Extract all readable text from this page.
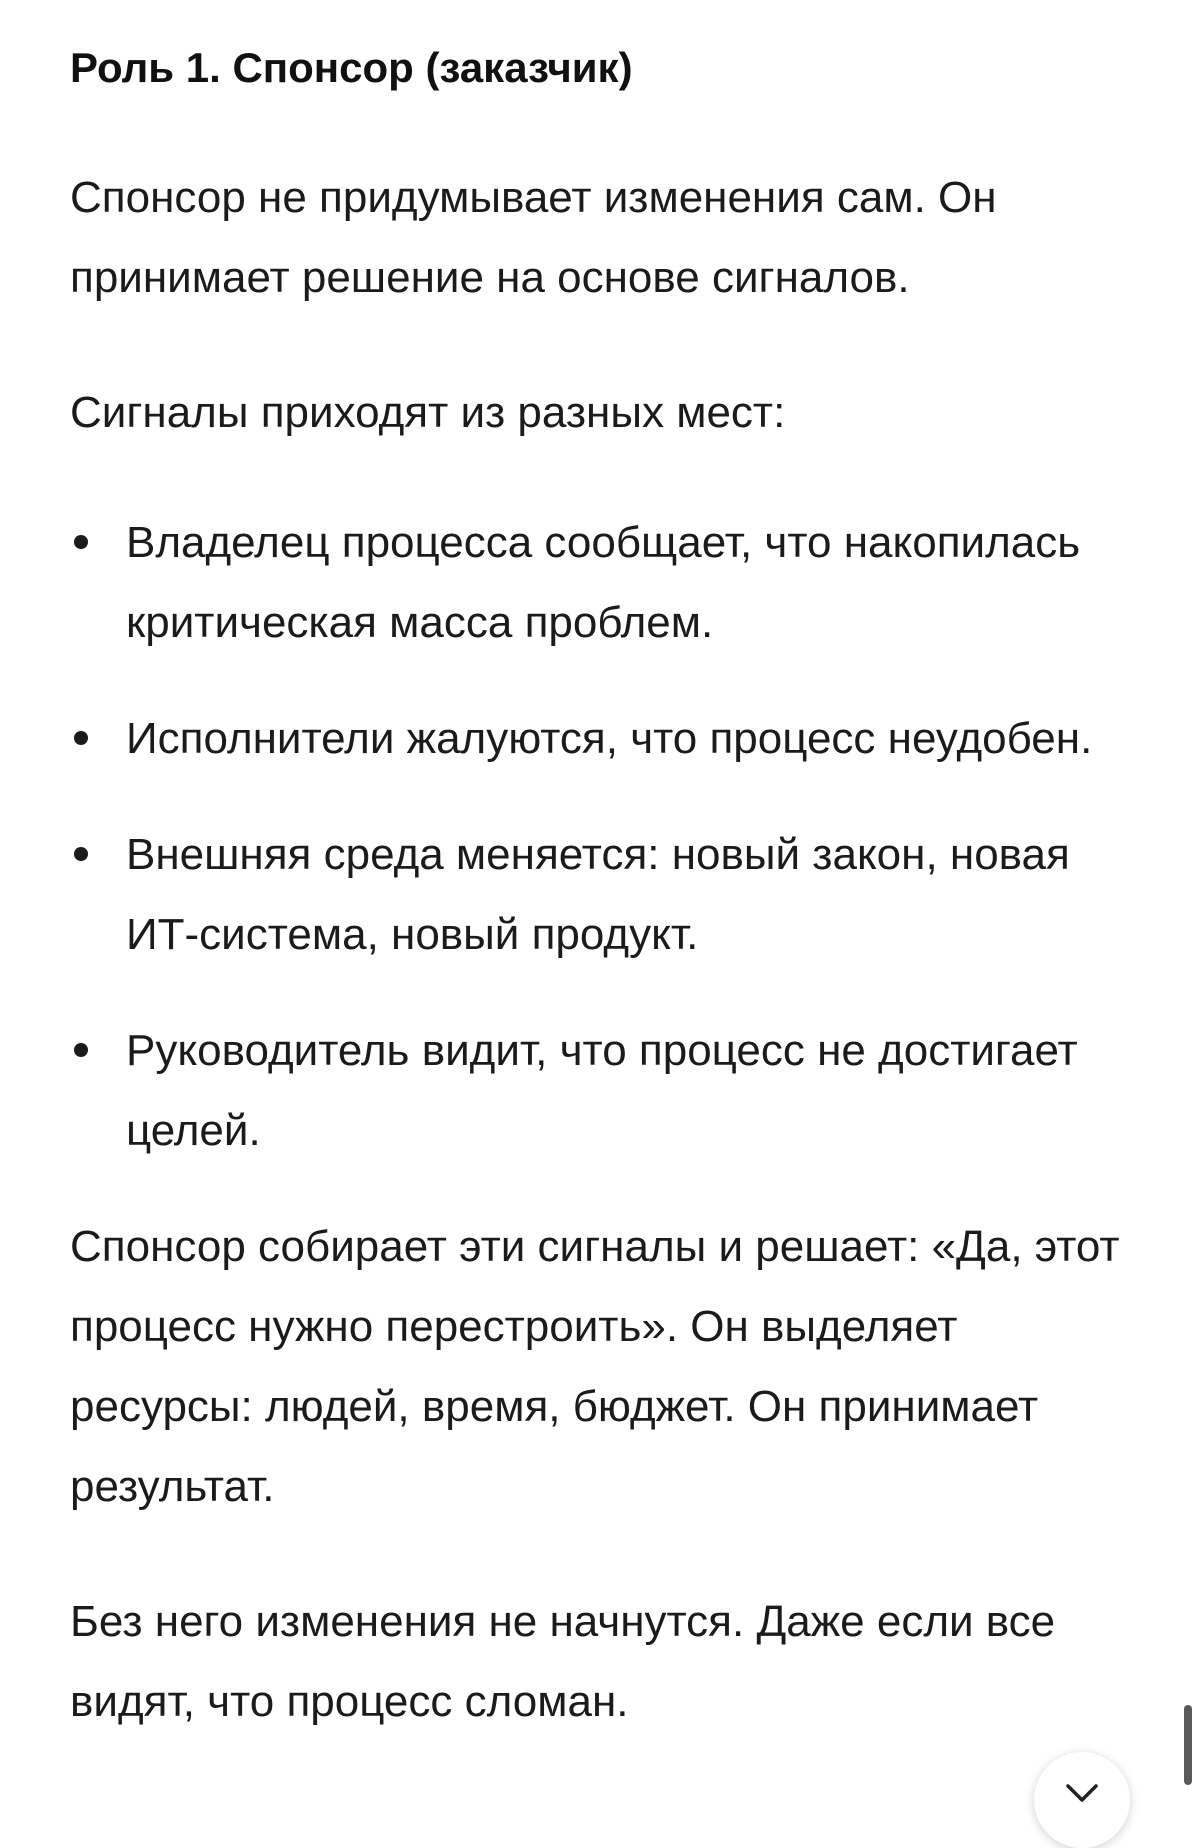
Роль 1. Спонсор (заказчик)

Спонсор не придумывает изменения сам. Он принимает решение на основе сигналов.

Сигналы приходят из разных мест:

Владелец процесса сообщает, что накопилась критическая масса проблем.
Исполнители жалуются, что процесс неудобен.
Внешняя среда меняется: новый закон, новая ИТ-система, новый продукт.
Руководитель видит, что процесс не достигает целей.

Спонсор собирает эти сигналы и решает: «Да, этот процесс нужно перестроить». Он выделяет ресурсы: людей, время, бюджет. Он принимает результат.

Без него изменения не начнутся. Даже если все видят, что процесс сломан.
